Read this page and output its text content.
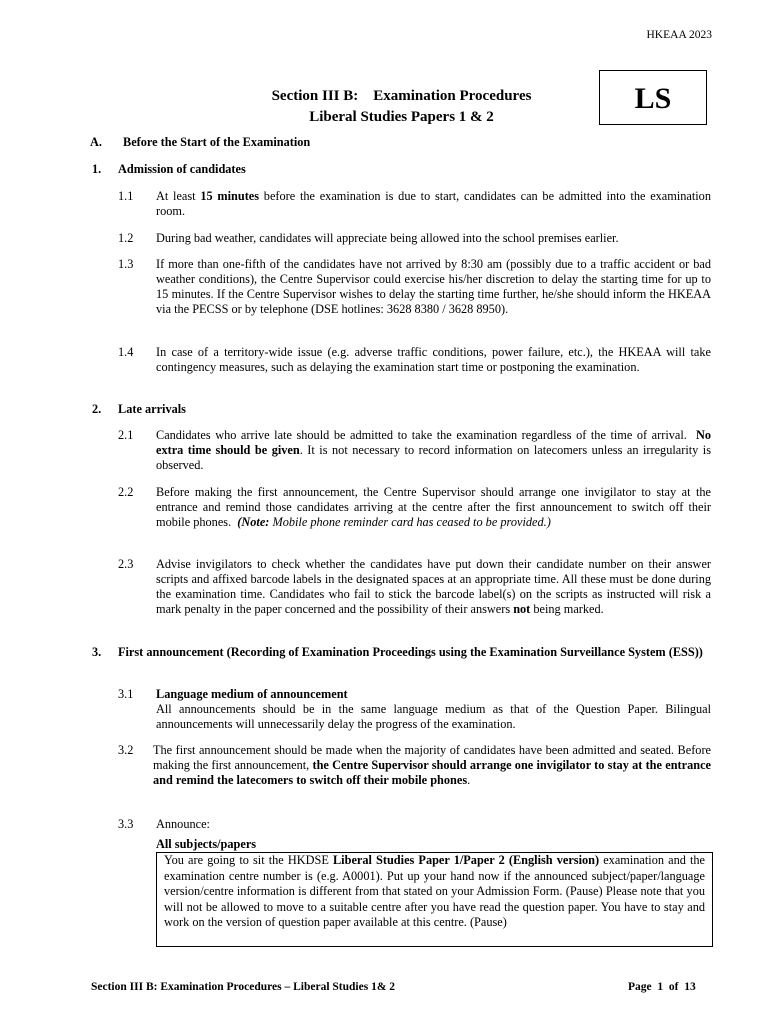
HKEAA 2023
Section III B:    Examination Procedures
Liberal Studies Papers 1 & 2
LS
A. Before the Start of the Examination
1. Admission of candidates
1.1 At least 15 minutes before the examination is due to start, candidates can be admitted into the examination room.
1.2 During bad weather, candidates will appreciate being allowed into the school premises earlier.
1.3 If more than one-fifth of the candidates have not arrived by 8:30 am (possibly due to a traffic accident or bad weather conditions), the Centre Supervisor could exercise his/her discretion to delay the starting time for up to 15 minutes. If the Centre Supervisor wishes to delay the starting time further, he/she should inform the HKEAA via the PECSS or by telephone (DSE hotlines: 3628 8380 / 3628 8950).
1.4 In case of a territory-wide issue (e.g. adverse traffic conditions, power failure, etc.), the HKEAA will take contingency measures, such as delaying the examination start time or postponing the examination.
2. Late arrivals
2.1 Candidates who arrive late should be admitted to take the examination regardless of the time of arrival.  No extra time should be given. It is not necessary to record information on latecomers unless an irregularity is observed.
2.2 Before making the first announcement, the Centre Supervisor should arrange one invigilator to stay at the entrance and remind those candidates arriving at the centre after the first announcement to switch off their mobile phones.  (Note: Mobile phone reminder card has ceased to be provided.)
2.3 Advise invigilators to check whether the candidates have put down their candidate number on their answer scripts and affixed barcode labels in the designated spaces at an appropriate time. All these must be done during the examination time. Candidates who fail to stick the barcode label(s) on the scripts as instructed will risk a mark penalty in the paper concerned and the possibility of their answers not being marked.
3. First announcement (Recording of Examination Proceedings using the Examination Surveillance System (ESS))
3.1 Language medium of announcement
All announcements should be in the same language medium as that of the Question Paper. Bilingual announcements will unnecessarily delay the progress of the examination.
3.2 The first announcement should be made when the majority of candidates have been admitted and seated. Before making the first announcement, the Centre Supervisor should arrange one invigilator to stay at the entrance and remind the latecomers to switch off their mobile phones.
3.3 Announce:
All subjects/papers
You are going to sit the HKDSE Liberal Studies Paper 1/Paper 2 (English version) examination and the examination centre number is (e.g. A0001). Put up your hand now if the announced subject/paper/language version/centre information is different from that stated on your Admission Form. (Pause) Please note that you will not be allowed to move to a suitable centre after you have read the question paper. You have to stay and work on the version of question paper available at this centre. (Pause)
Section III B: Examination Procedures – Liberal Studies 1& 2	Page  1  of  13
